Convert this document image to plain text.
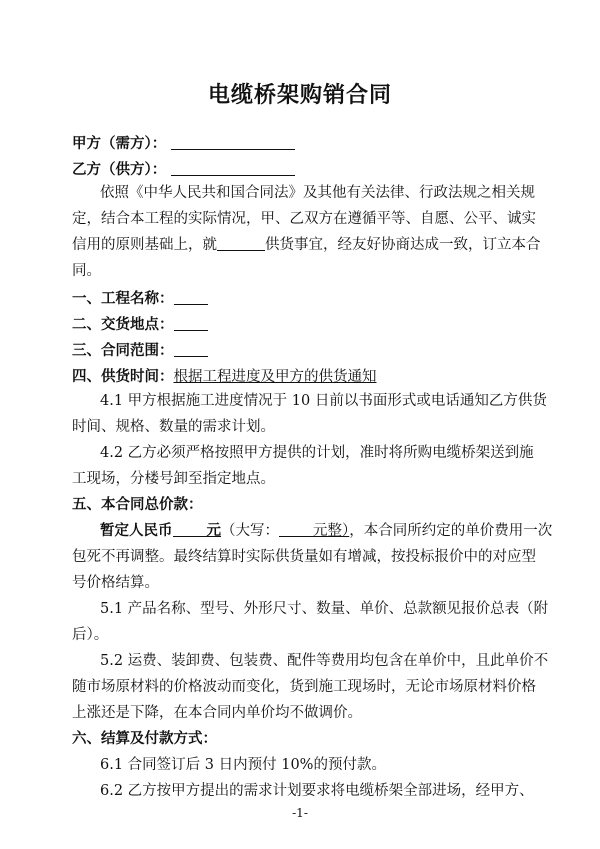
电缆桥架购销合同
甲方（需方）：
乙方（供方）：
依照《中华人民共和国合同法》及其他有关法律、行政法规之相关规
定，结合本工程的实际情况，甲、乙双方在遵循平等、自愿、公平、诚实
信用的原则基础上，就	供货事宜，经友好协商达成一致，订立本合
同。
一、工程名称：
二、交货地点：
三、合同范围：
四、供货时间：根据工程进度及甲方的供货通知
4.1 甲方根据施工进度情况于 10 日前以书面形式或电话通知乙方供货
时间、规格、数量的需求计划。
4.2 乙方必须严格按照甲方提供的计划，准时将所购电缆桥架送到施
工现场，分楼号卸至指定地点。
五、本合同总价款：
暂定人民币 元（大写： 元整），本合同所约定的单价费用一次
包死不再调整。最终结算时实际供货量如有增减，按投标报价中的对应型
号价格结算。
5.1 产品名称、型号、外形尺寸、数量、单价、总款额见报价总表（附
后）。
5.2 运费、装卸费、包装费、配件等费用均包含在单价中，且此单价不
随市场原材料的价格波动而变化，货到施工现场时，无论市场原材料价格
上涨还是下降，在本合同内单价均不做调价。
六、结算及付款方式：
6.1 合同签订后 3 日内预付 10%的预付款。
6.2 乙方按甲方提出的需求计划要求将电缆桥架全部进场，经甲方、
-1-
